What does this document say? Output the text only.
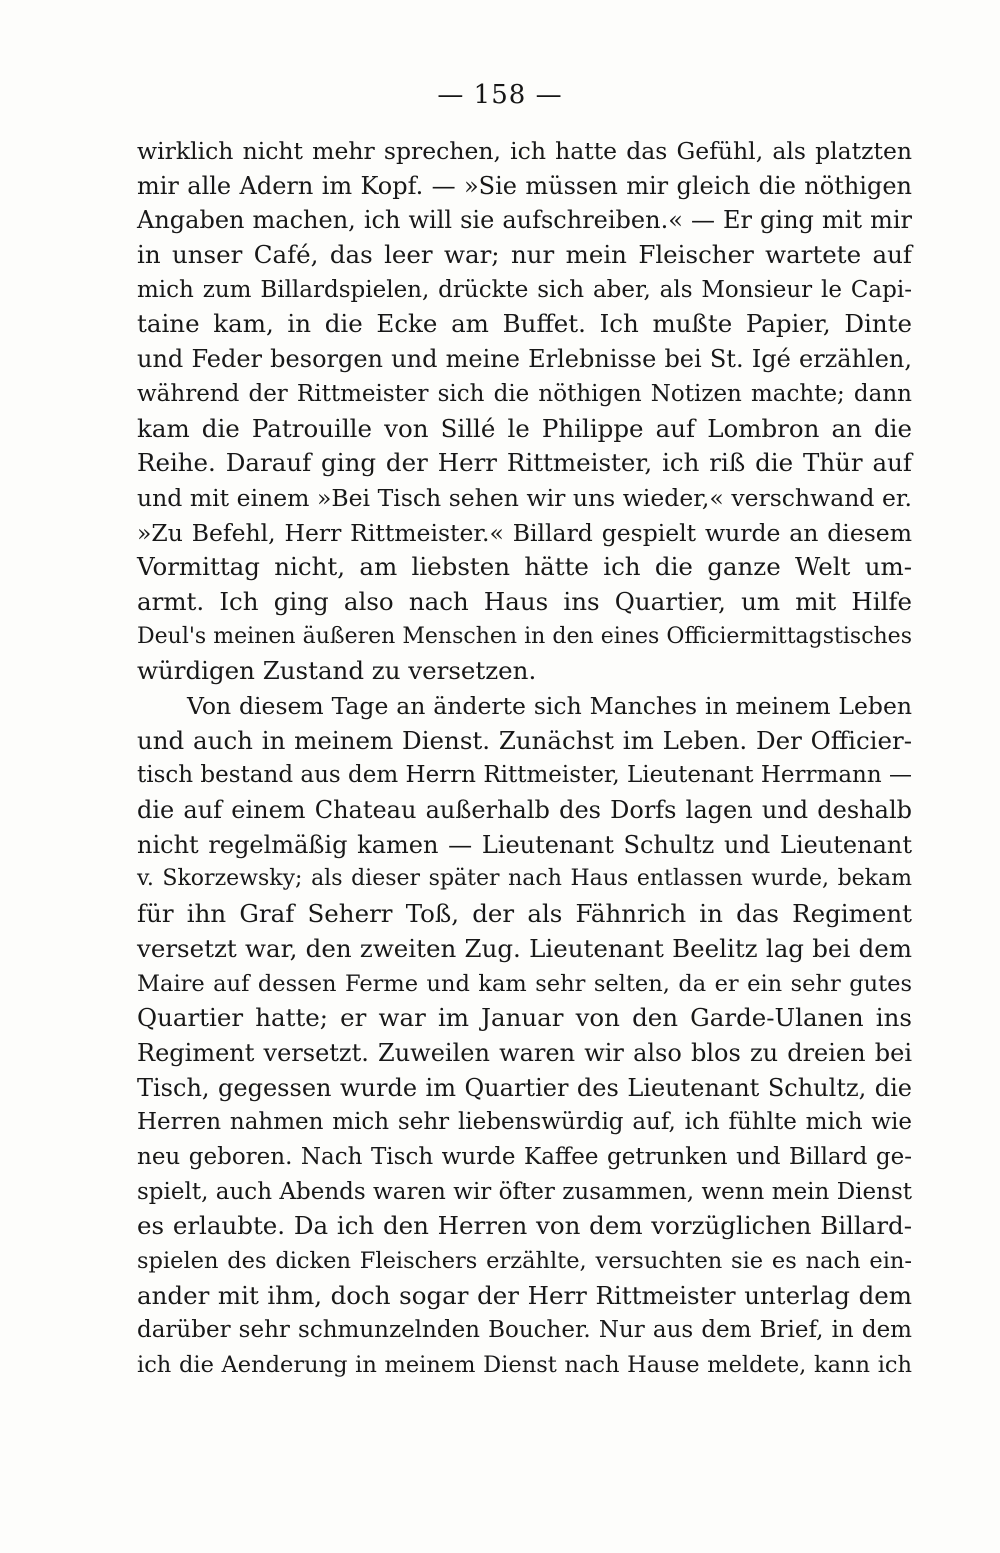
— 158 —
wirklich nicht mehr sprechen, ich hatte das Gefühl, als platzten
mir alle Adern im Kopf. — »Sie müssen mir gleich die nöthigen
Angaben machen, ich will sie aufschreiben.« — Er ging mit mir
in unser Café, das leer war; nur mein Fleischer wartete auf
mich zum Billardspielen, drückte sich aber, als Monsieur le Capi-
taine kam, in die Ecke am Buffet. Ich mußte Papier, Dinte
und Feder besorgen und meine Erlebnisse bei St. Igé erzählen,
während der Rittmeister sich die nöthigen Notizen machte; dann
kam die Patrouille von Sillé le Philippe auf Lombron an die
Reihe. Darauf ging der Herr Rittmeister, ich riß die Thür auf
und mit einem »Bei Tisch sehen wir uns wieder,« verschwand er.
»Zu Befehl, Herr Rittmeister.« Billard gespielt wurde an diesem
Vormittag nicht, am liebsten hätte ich die ganze Welt um-
armt. Ich ging also nach Haus ins Quartier, um mit Hilfe
Deul's meinen äußeren Menschen in den eines Officiermittagstisches
würdigen Zustand zu versetzen.
Von diesem Tage an änderte sich Manches in meinem Leben
und auch in meinem Dienst. Zunächst im Leben. Der Officier-
tisch bestand aus dem Herrn Rittmeister, Lieutenant Herrmann —
die auf einem Chateau außerhalb des Dorfs lagen und deshalb
nicht regelmäßig kamen — Lieutenant Schultz und Lieutenant
v. Skorzewsky; als dieser später nach Haus entlassen wurde, bekam
für ihn Graf Seherr Toß, der als Fähnrich in das Regiment
versetzt war, den zweiten Zug. Lieutenant Beelitz lag bei dem
Maire auf dessen Ferme und kam sehr selten, da er ein sehr gutes
Quartier hatte; er war im Januar von den Garde-Ulanen ins
Regiment versetzt. Zuweilen waren wir also blos zu dreien bei
Tisch, gegessen wurde im Quartier des Lieutenant Schultz, die
Herren nahmen mich sehr liebenswürdig auf, ich fühlte mich wie
neu geboren. Nach Tisch wurde Kaffee getrunken und Billard ge-
spielt, auch Abends waren wir öfter zusammen, wenn mein Dienst
es erlaubte. Da ich den Herren von dem vorzüglichen Billard-
spielen des dicken Fleischers erzählte, versuchten sie es nach ein-
ander mit ihm, doch sogar der Herr Rittmeister unterlag dem
darüber sehr schmunzelnden Boucher. Nur aus dem Brief, in dem
ich die Aenderung in meinem Dienst nach Hause meldete, kann ich
